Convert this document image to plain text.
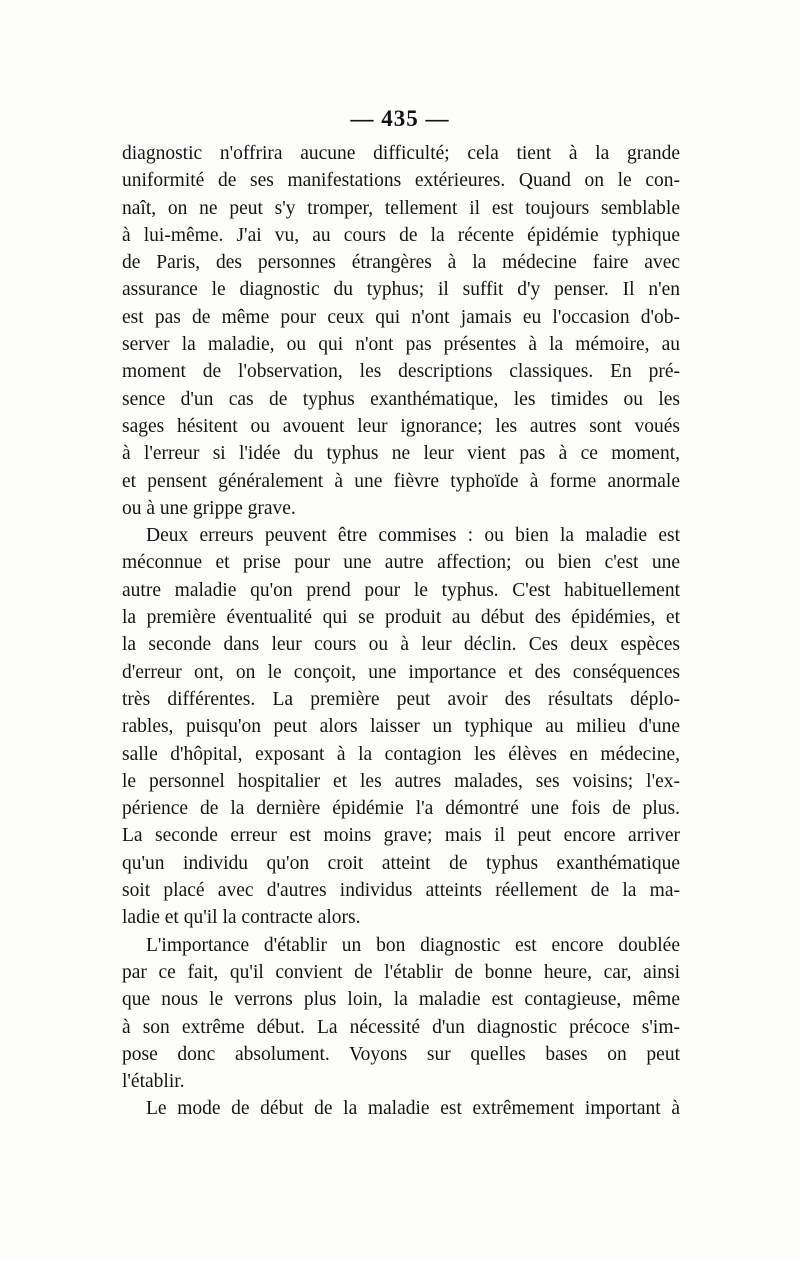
— 435 —
diagnostic n'offrira aucune difficulté; cela tient à la grande
uniformité de ses manifestations extérieures. Quand on le con-
naît, on ne peut s'y tromper, tellement il est toujours semblable
à lui-même. J'ai vu, au cours de la récente épidémie typhique
de Paris, des personnes étrangères à la médecine faire avec
assurance le diagnostic du typhus; il suffit d'y penser. Il n'en
est pas de même pour ceux qui n'ont jamais eu l'occasion d'ob-
server la maladie, ou qui n'ont pas présentes à la mémoire, au
moment de l'observation, les descriptions classiques. En pré-
sence d'un cas de typhus exanthématique, les timides ou les
sages hésitent ou avouent leur ignorance; les autres sont voués
à l'erreur si l'idée du typhus ne leur vient pas à ce moment,
et pensent généralement à une fièvre typhoïde à forme anormale
ou à une grippe grave.
Deux erreurs peuvent être commises : ou bien la maladie est
méconnue et prise pour une autre affection; ou bien c'est une
autre maladie qu'on prend pour le typhus. C'est habituellement
la première éventualité qui se produit au début des épidémies, et
la seconde dans leur cours ou à leur déclin. Ces deux espèces
d'erreur ont, on le conçoit, une importance et des conséquences
très différentes. La première peut avoir des résultats déplo-
rables, puisqu'on peut alors laisser un typhique au milieu d'une
salle d'hôpital, exposant à la contagion les élèves en médecine,
le personnel hospitalier et les autres malades, ses voisins; l'ex-
périence de la dernière épidémie l'a démontré une fois de plus.
La seconde erreur est moins grave; mais il peut encore arriver
qu'un individu qu'on croit atteint de typhus exanthématique
soit placé avec d'autres individus atteints réellement de la ma-
ladie et qu'il la contracte alors.
L'importance d'établir un bon diagnostic est encore doublée
par ce fait, qu'il convient de l'établir de bonne heure, car, ainsi
que nous le verrons plus loin, la maladie est contagieuse, même
à son extrême début. La nécessité d'un diagnostic précoce s'im-
pose donc absolument. Voyons sur quelles bases on peut
l'établir.
Le mode de début de la maladie est extrêmement important à
